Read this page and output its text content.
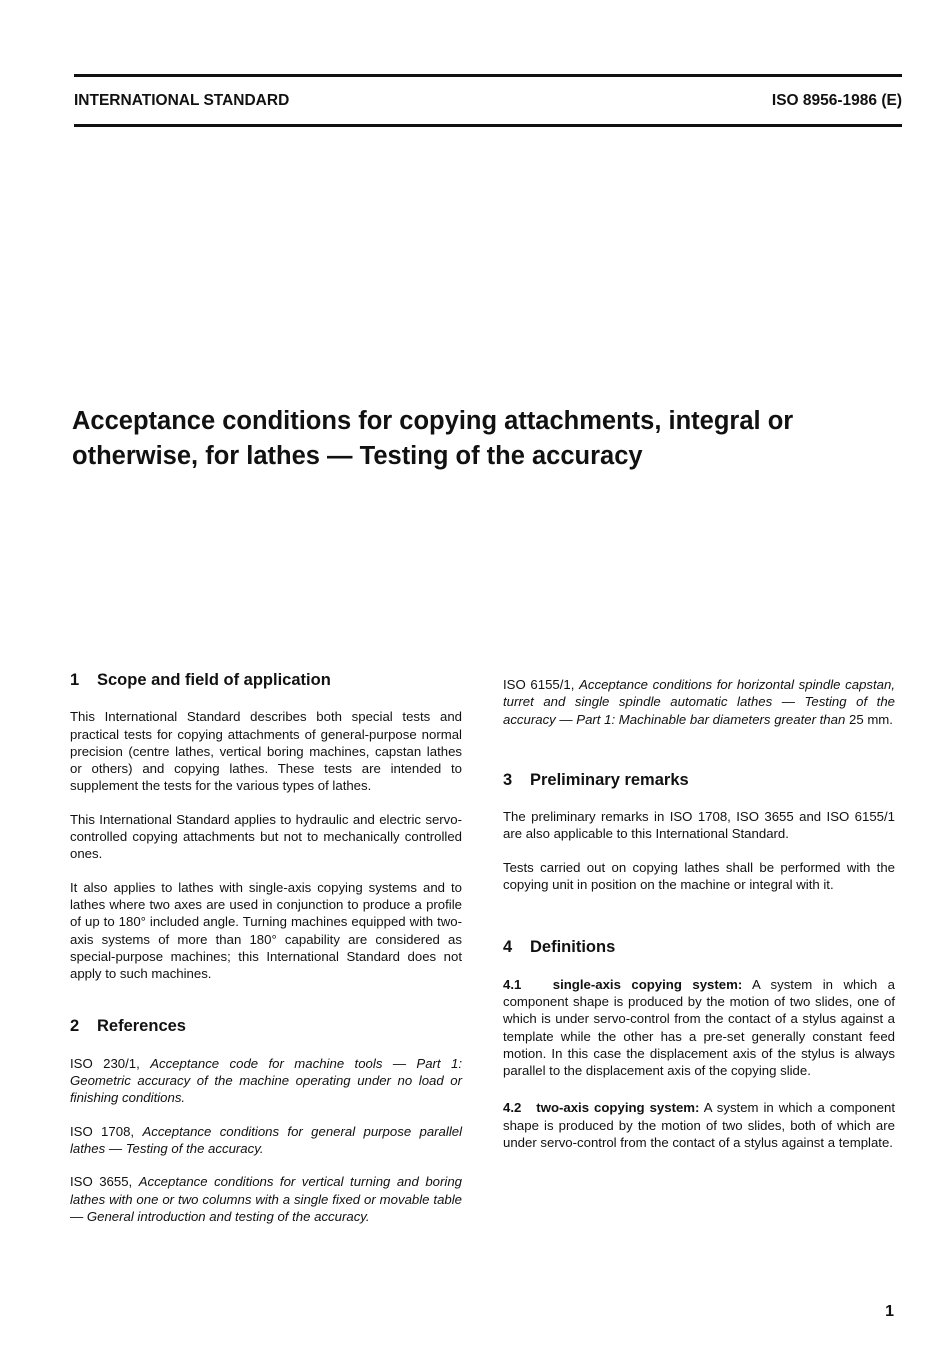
INTERNATIONAL STANDARD	ISO 8956-1986 (E)
Acceptance conditions for copying attachments, integral or otherwise, for lathes — Testing of the accuracy
1 Scope and field of application

This International Standard describes both special tests and practical tests for copying attachments of general-purpose normal precision (centre lathes, vertical boring machines, capstan lathes or others) and copying lathes. These tests are intended to supplement the tests for the various types of lathes.

This International Standard applies to hydraulic and electric servo-controlled copying attachments but not to mechanically controlled ones.

It also applies to lathes with single-axis copying systems and to lathes where two axes are used in conjunction to produce a profile of up to 180° included angle. Turning machines equipped with two-axis systems of more than 180° capability are considered as special-purpose machines; this International Standard does not apply to such machines.

2 References

ISO 230/1, Acceptance code for machine tools — Part 1: Geometric accuracy of the machine operating under no load or finishing conditions.

ISO 1708, Acceptance conditions for general purpose parallel lathes — Testing of the accuracy.

ISO 3655, Acceptance conditions for vertical turning and boring lathes with one or two columns with a single fixed or movable table — General introduction and testing of the accuracy.

ISO 6155/1, Acceptance conditions for horizontal spindle capstan, turret and single spindle automatic lathes — Testing of the accuracy — Part 1: Machinable bar diameters greater than 25 mm.

3 Preliminary remarks

The preliminary remarks in ISO 1708, ISO 3655 and ISO 6155/1 are also applicable to this International Standard.

Tests carried out on copying lathes shall be performed with the copying unit in position on the machine or integral with it.

4 Definitions

4.1 single-axis copying system: A system in which a component shape is produced by the motion of two slides, one of which is under servo-control from the contact of a stylus against a template while the other has a pre-set generally constant feed motion. In this case the displacement axis of the stylus is always parallel to the displacement axis of the copying slide.

4.2 two-axis copying system: A system in which a component shape is produced by the motion of two slides, both of which are under servo-control from the contact of a stylus against a template.

1
